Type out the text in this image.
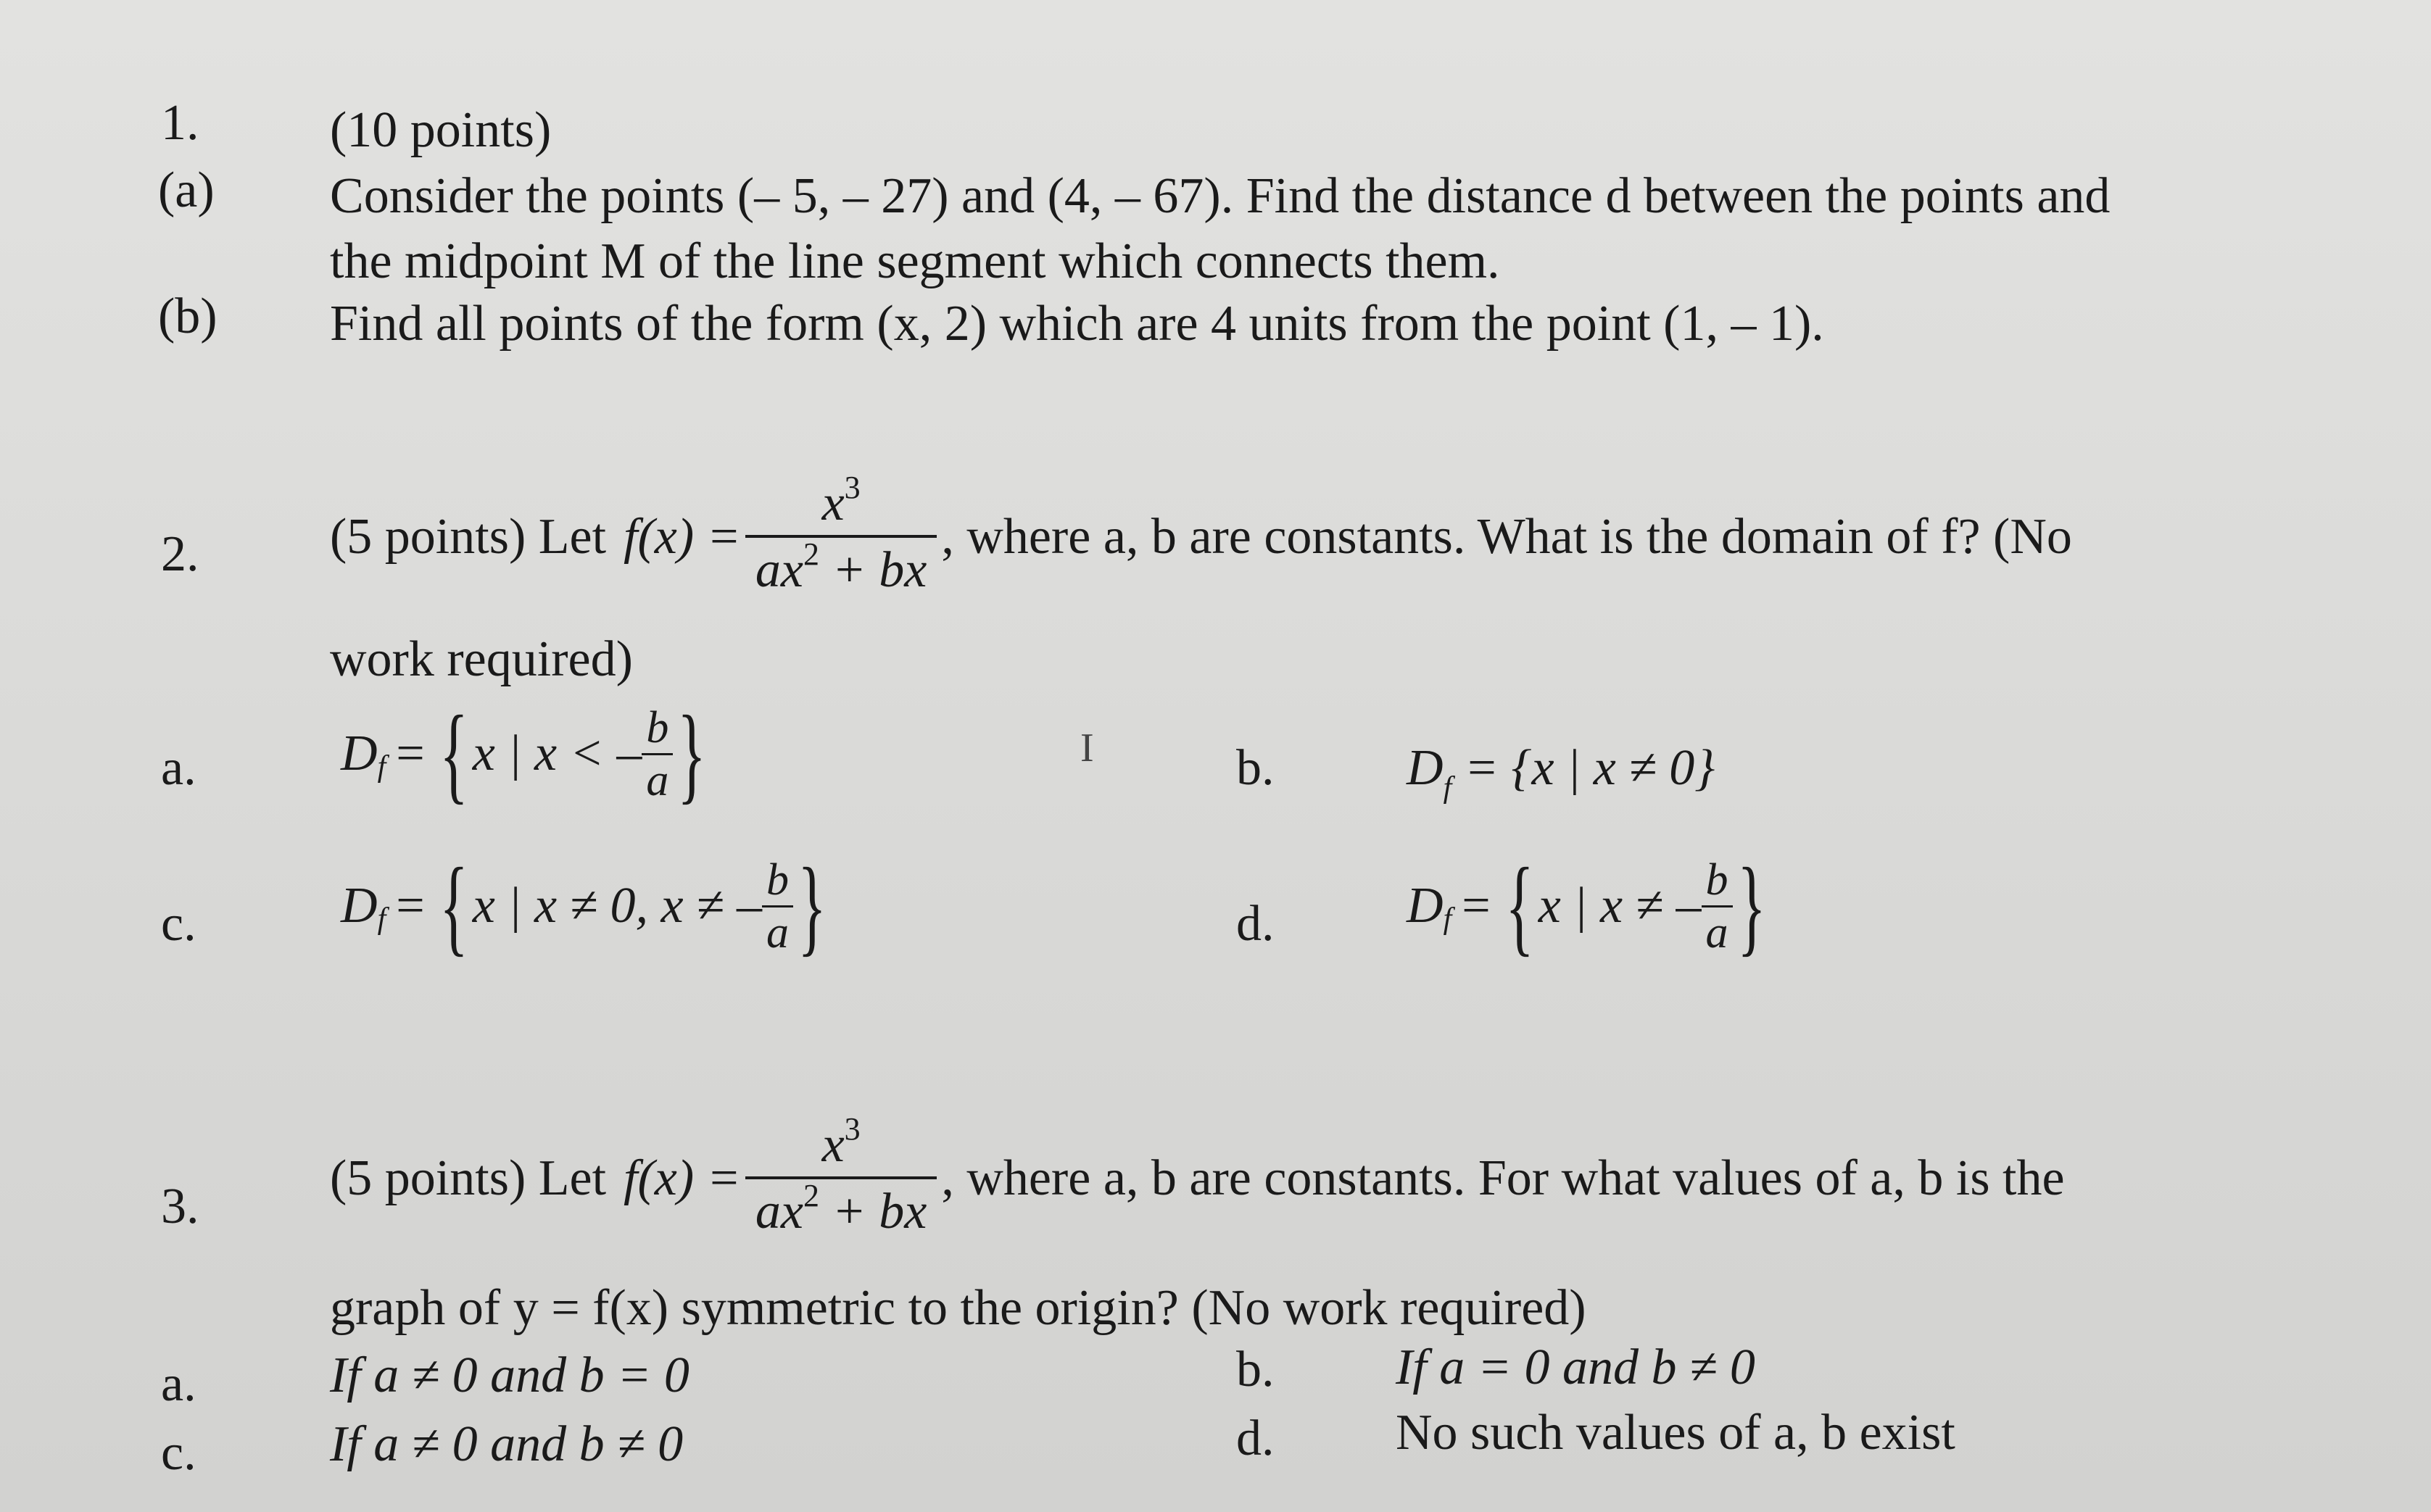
1.	(10 points)
(a) Consider the points (– 5, – 27) and (4, – 67). Find the distance d between the points and
the midpoint M of the line segment which connects them.
(b) Find all points of the form (x, 2) which are 4 units from the point (1, – 1).
2.	(5 points) Let $f(x) = \frac{x^3}{ax^2 + bx}$ , where a, b are constants. What is the domain of f? (No
work required)
a.	D f = { x | x < – b
a }	I	b.	$D_f = \{x$ | x ≠ 0}
c.	D f = { x | x ≠ 0, x ≠ – b
a }	d.	D f = { x | x ≠ – b
a }
3.
(5 points) Let $f(x) = \frac{x^3}{ax^2 + bx}$ , where a, b are constants. For what values of a, b is the
graph of y = f(x) symmetric to the origin? (No work required)
a.	If a ≠ 0 and b = 0	b. If a = 0 and b ≠ 0
c.	If a ≠ 0 and b ≠ 0	d. No such values of a, b exist
